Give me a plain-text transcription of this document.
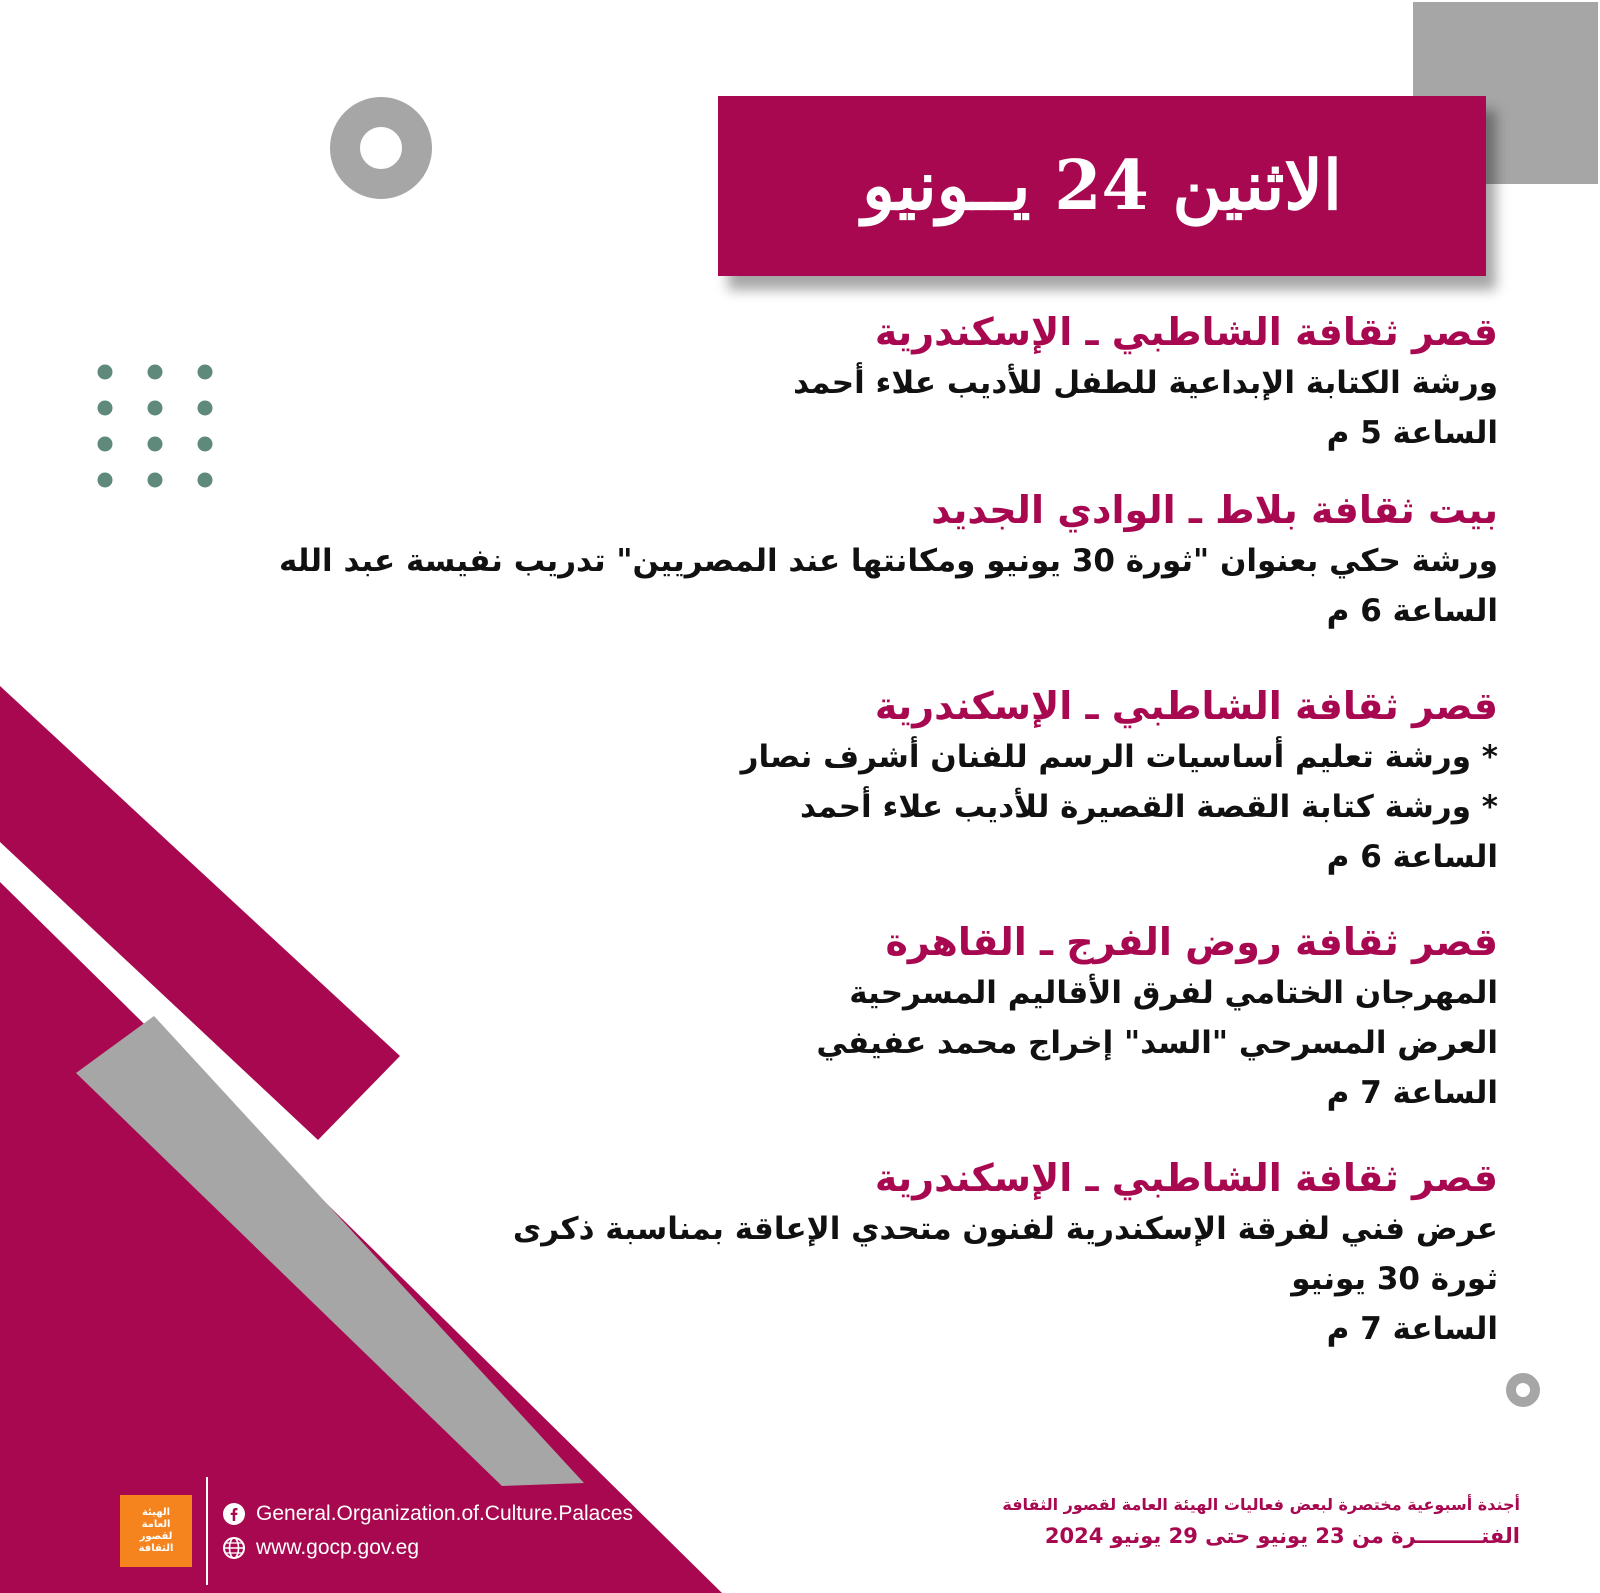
الاثنين 24 يــونيو
قصر ثقافة الشاطبي ـ الإسكندرية
ورشة الكتابة الإبداعية للطفل للأديب علاء أحمد
الساعة 5 م
بيت ثقافة بلاط ـ الوادي الجديد
ورشة حكي بعنوان "ثورة 30 يونيو ومكانتها عند المصريين" تدريب نفيسة عبد الله
الساعة 6 م
قصر ثقافة الشاطبي ـ الإسكندرية
* ورشة تعليم أساسيات الرسم للفنان أشرف نصار
* ورشة كتابة القصة القصيرة للأديب علاء أحمد
الساعة 6 م
قصر ثقافة روض الفرج ـ القاهرة
المهرجان الختامي لفرق الأقاليم المسرحية
العرض المسرحي "السد" إخراج محمد عفيفي
الساعة 7 م
قصر ثقافة الشاطبي ـ الإسكندرية
عرض فني لفرقة الإسكندرية لفنون متحدي الإعاقة بمناسبة ذكرى
ثورة 30 يونيو
الساعة 7 م
الهيئة
العامة
لقصور
الثقافة
General.Organization.of.Culture.Palaces
www.gocp.gov.eg
أجندة أسبوعية مختصرة لبعض فعاليات الهيئة العامة لقصور الثقافة
الفتـــــــــرة من 23 يونيو حتى 29 يونيو 2024
